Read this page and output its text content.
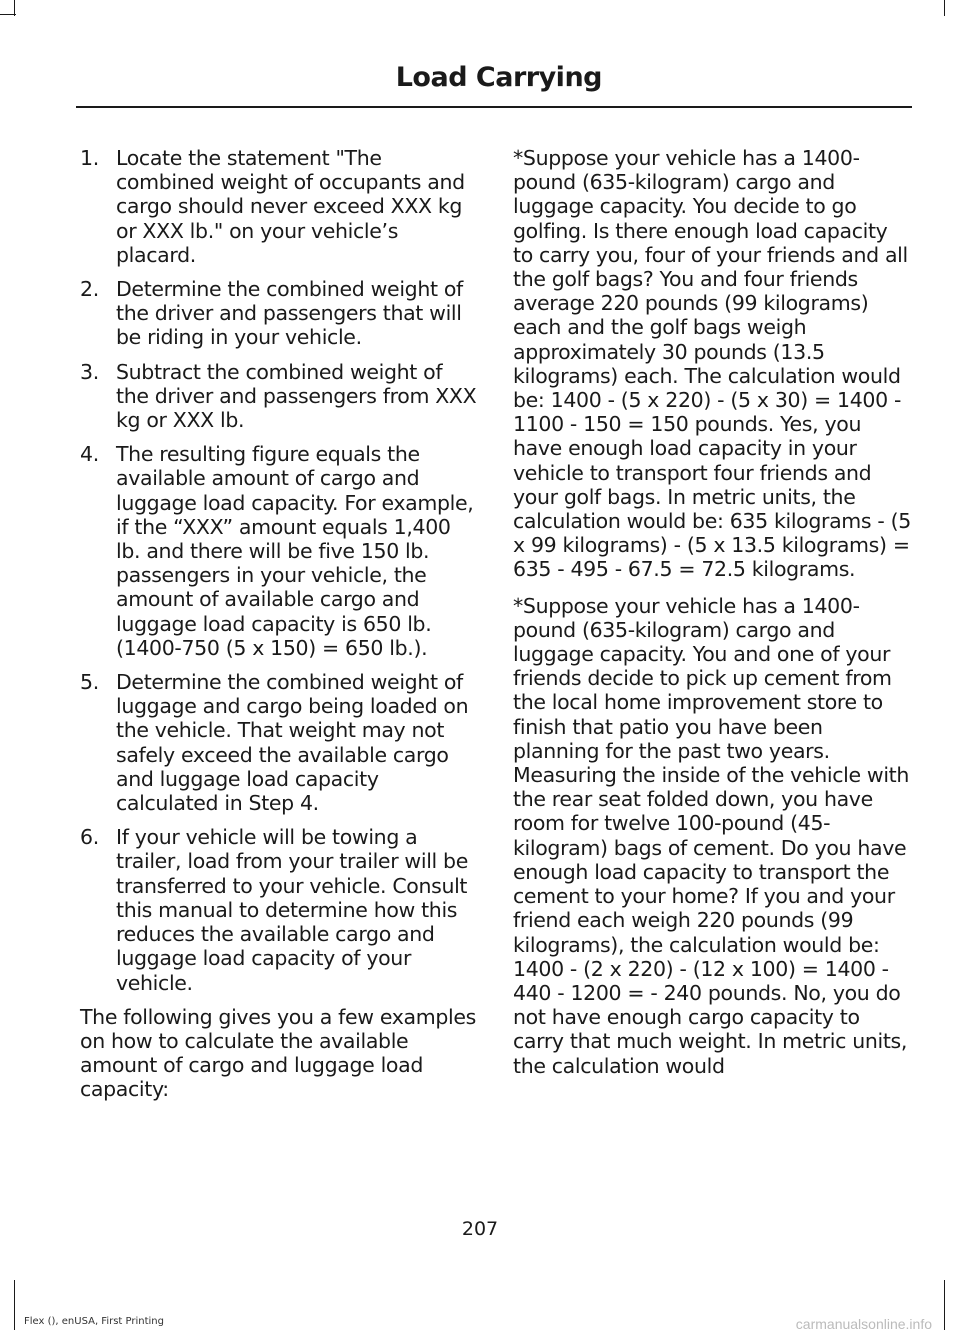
Load Carrying
1. Locate the statement "The combined weight of occupants and cargo should never exceed XXX kg or XXX lb." on your vehicle’s placard.
2. Determine the combined weight of the driver and passengers that will be riding in your vehicle.
3. Subtract the combined weight of the driver and passengers from XXX kg or XXX lb.
4. The resulting figure equals the available amount of cargo and luggage load capacity. For example, if the “XXX” amount equals 1,400 lb. and there will be five 150 lb. passengers in your vehicle, the amount of available cargo and luggage load capacity is 650 lb. (1400-750 (5 x 150) = 650 lb.).
5. Determine the combined weight of luggage and cargo being loaded on the vehicle. That weight may not safely exceed the available cargo and luggage load capacity calculated in Step 4.
6. If your vehicle will be towing a trailer, load from your trailer will be transferred to your vehicle. Consult this manual to determine how this reduces the available cargo and luggage load capacity of your vehicle.

The following gives you a few examples on how to calculate the available amount of cargo and luggage load capacity:

*Suppose your vehicle has a 1400-pound (635-kilogram) cargo and luggage capacity. You decide to go golfing. Is there enough load capacity to carry you, four of your friends and all the golf bags? You and four friends average 220 pounds (99 kilograms) each and the golf bags weigh approximately 30 pounds (13.5 kilograms) each. The calculation would be: 1400 - (5 x 220) - (5 x 30) = 1400 - 1100 - 150 = 150 pounds. Yes, you have enough load capacity in your vehicle to transport four friends and your golf bags. In metric units, the calculation would be: 635 kilograms - (5 x 99 kilograms) - (5 x 13.5 kilograms) = 635 - 495 - 67.5 = 72.5 kilograms.

*Suppose your vehicle has a 1400-pound (635-kilogram) cargo and luggage capacity. You and one of your friends decide to pick up cement from the local home improvement store to finish that patio you have been planning for the past two years. Measuring the inside of the vehicle with the rear seat folded down, you have room for twelve 100-pound (45-kilogram) bags of cement. Do you have enough load capacity to transport the cement to your home? If you and your friend each weigh 220 pounds (99 kilograms), the calculation would be: 1400 - (2 x 220) - (12 x 100) = 1400 - 440 - 1200 = - 240 pounds. No, you do not have enough cargo capacity to carry that much weight. In metric units, the calculation would

207
Flex (), enUSA, First Printing	carmanualsonline.info
